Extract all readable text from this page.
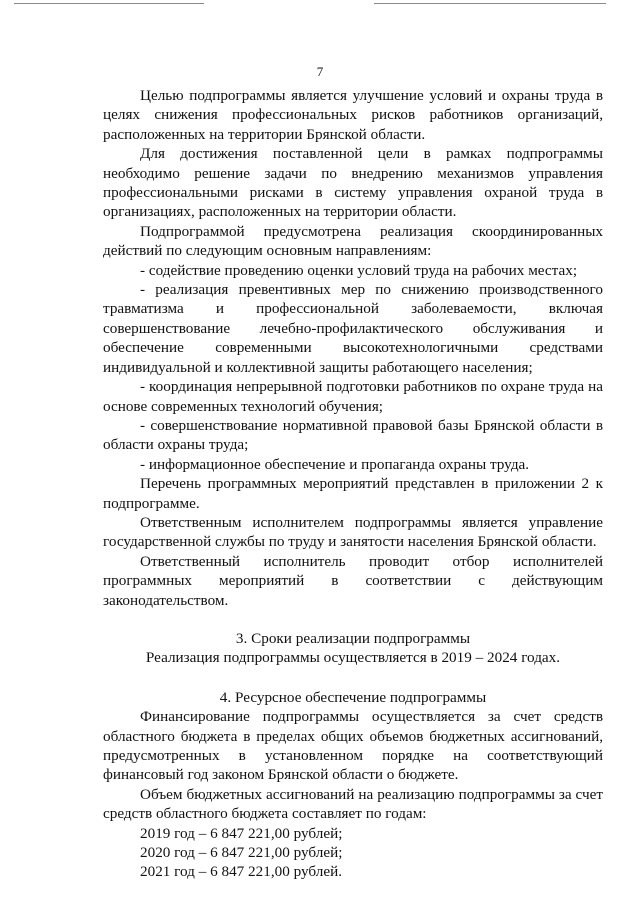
7

Целью подпрограммы является улучшение условий и охраны труда в целях снижения профессиональных рисков работников организаций, расположенных на территории Брянской области.

Для достижения поставленной цели в рамках подпрограммы необходимо решение задачи по внедрению механизмов управления профессиональными рисками в систему управления охраной труда в организациях, расположенных на территории области.

Подпрограммой предусмотрена реализация скоординированных действий по следующим основным направлениям:

- содействие проведению оценки условий труда на рабочих местах;

- реализация превентивных мер по снижению производственного травматизма и профессиональной заболеваемости, включая совершенствование лечебно-профилактического обслуживания и обеспечение современными высокотехнологичными средствами индивидуальной и коллективной защиты работающего населения;

- координация непрерывной подготовки работников по охране труда на основе современных технологий обучения;

- совершенствование нормативной правовой базы Брянской области в области охраны труда;

- информационное обеспечение и пропаганда охраны труда.

Перечень программных мероприятий представлен в приложении 2 к подпрограмме.

Ответственным исполнителем подпрограммы является управление государственной службы по труду и занятости населения Брянской области.

Ответственный исполнитель проводит отбор исполнителей программных мероприятий в соответствии с действующим законодательством.

3. Сроки реализации подпрограммы

Реализация подпрограммы осуществляется в 2019 – 2024 годах.

4. Ресурсное обеспечение подпрограммы

Финансирование подпрограммы осуществляется за счет средств областного бюджета в пределах общих объемов бюджетных ассигнований, предусмотренных в установленном порядке на соответствующий финансовый год законом Брянской области о бюджете.

Объем бюджетных ассигнований на реализацию подпрограммы за счет средств областного бюджета составляет по годам:

2019 год – 6 847 221,00 рублей;
2020 год – 6 847 221,00 рублей;
2021 год – 6 847 221,00 рублей.
